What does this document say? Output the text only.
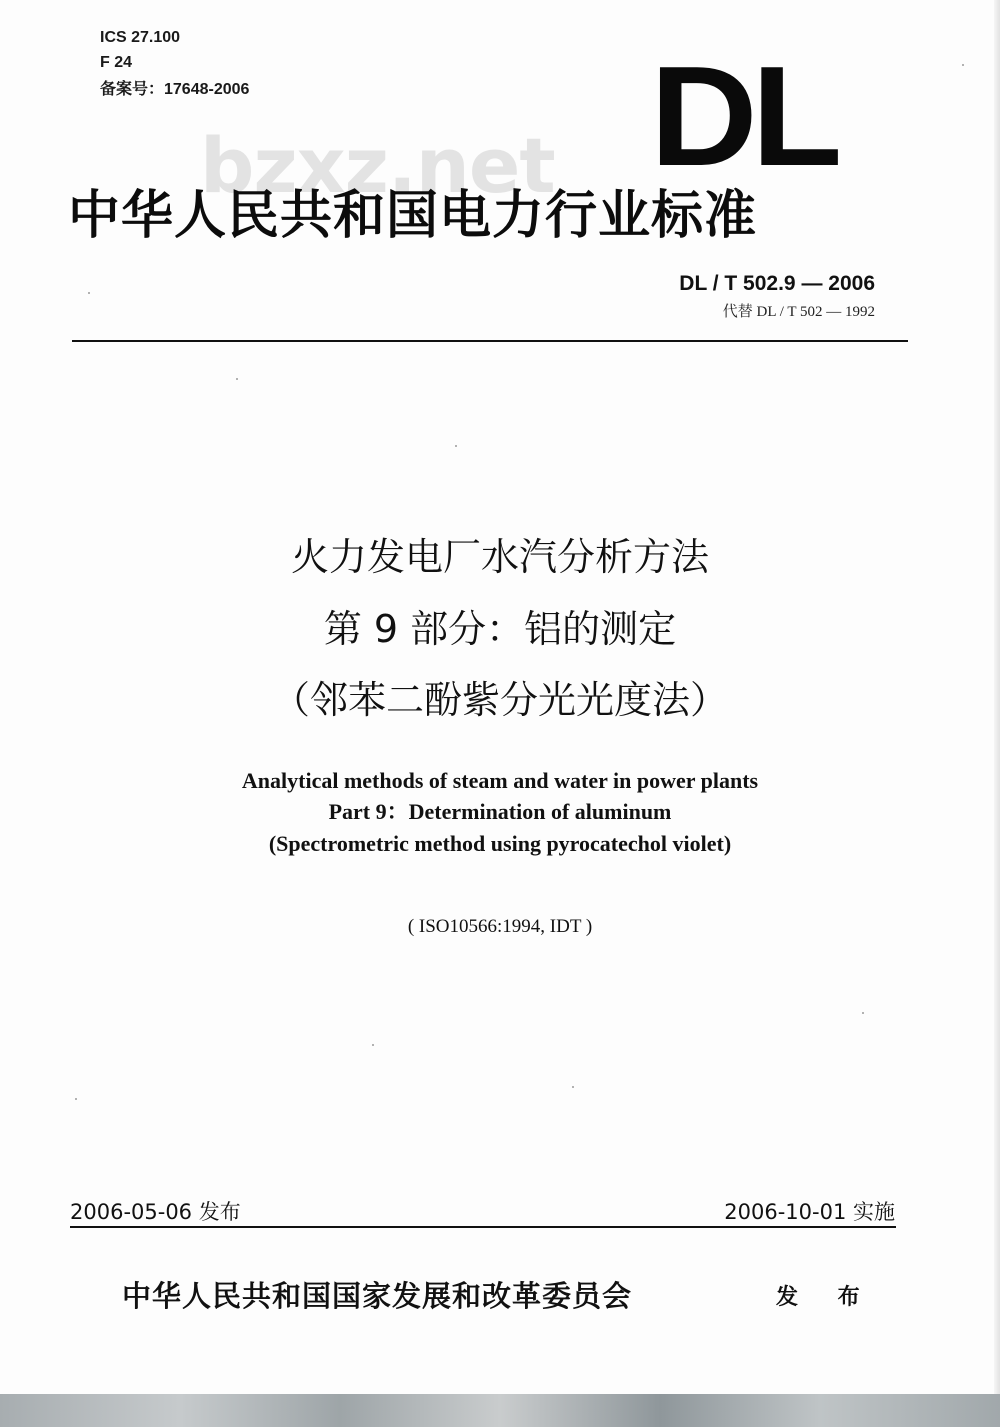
ICS 27.100
F 24
备案号：17648-2006	DL
bzxz.net
中华人民共和国电力行业标准
DL / T 502.9 — 2006
代替 DL / T 502 — 1992
火力发电厂水汽分析方法
第 9 部分：铝的测定
（邻苯二酚紫分光光度法）
Analytical methods of steam and water in power plants
Part 9：Determination of aluminum
(Spectrometric method using pyrocatechol violet)
( ISO10566:1994, IDT )
2006-05-06 发布	2006-10-01 实施
中华人民共和国国家发展和改革委员会	发 布
